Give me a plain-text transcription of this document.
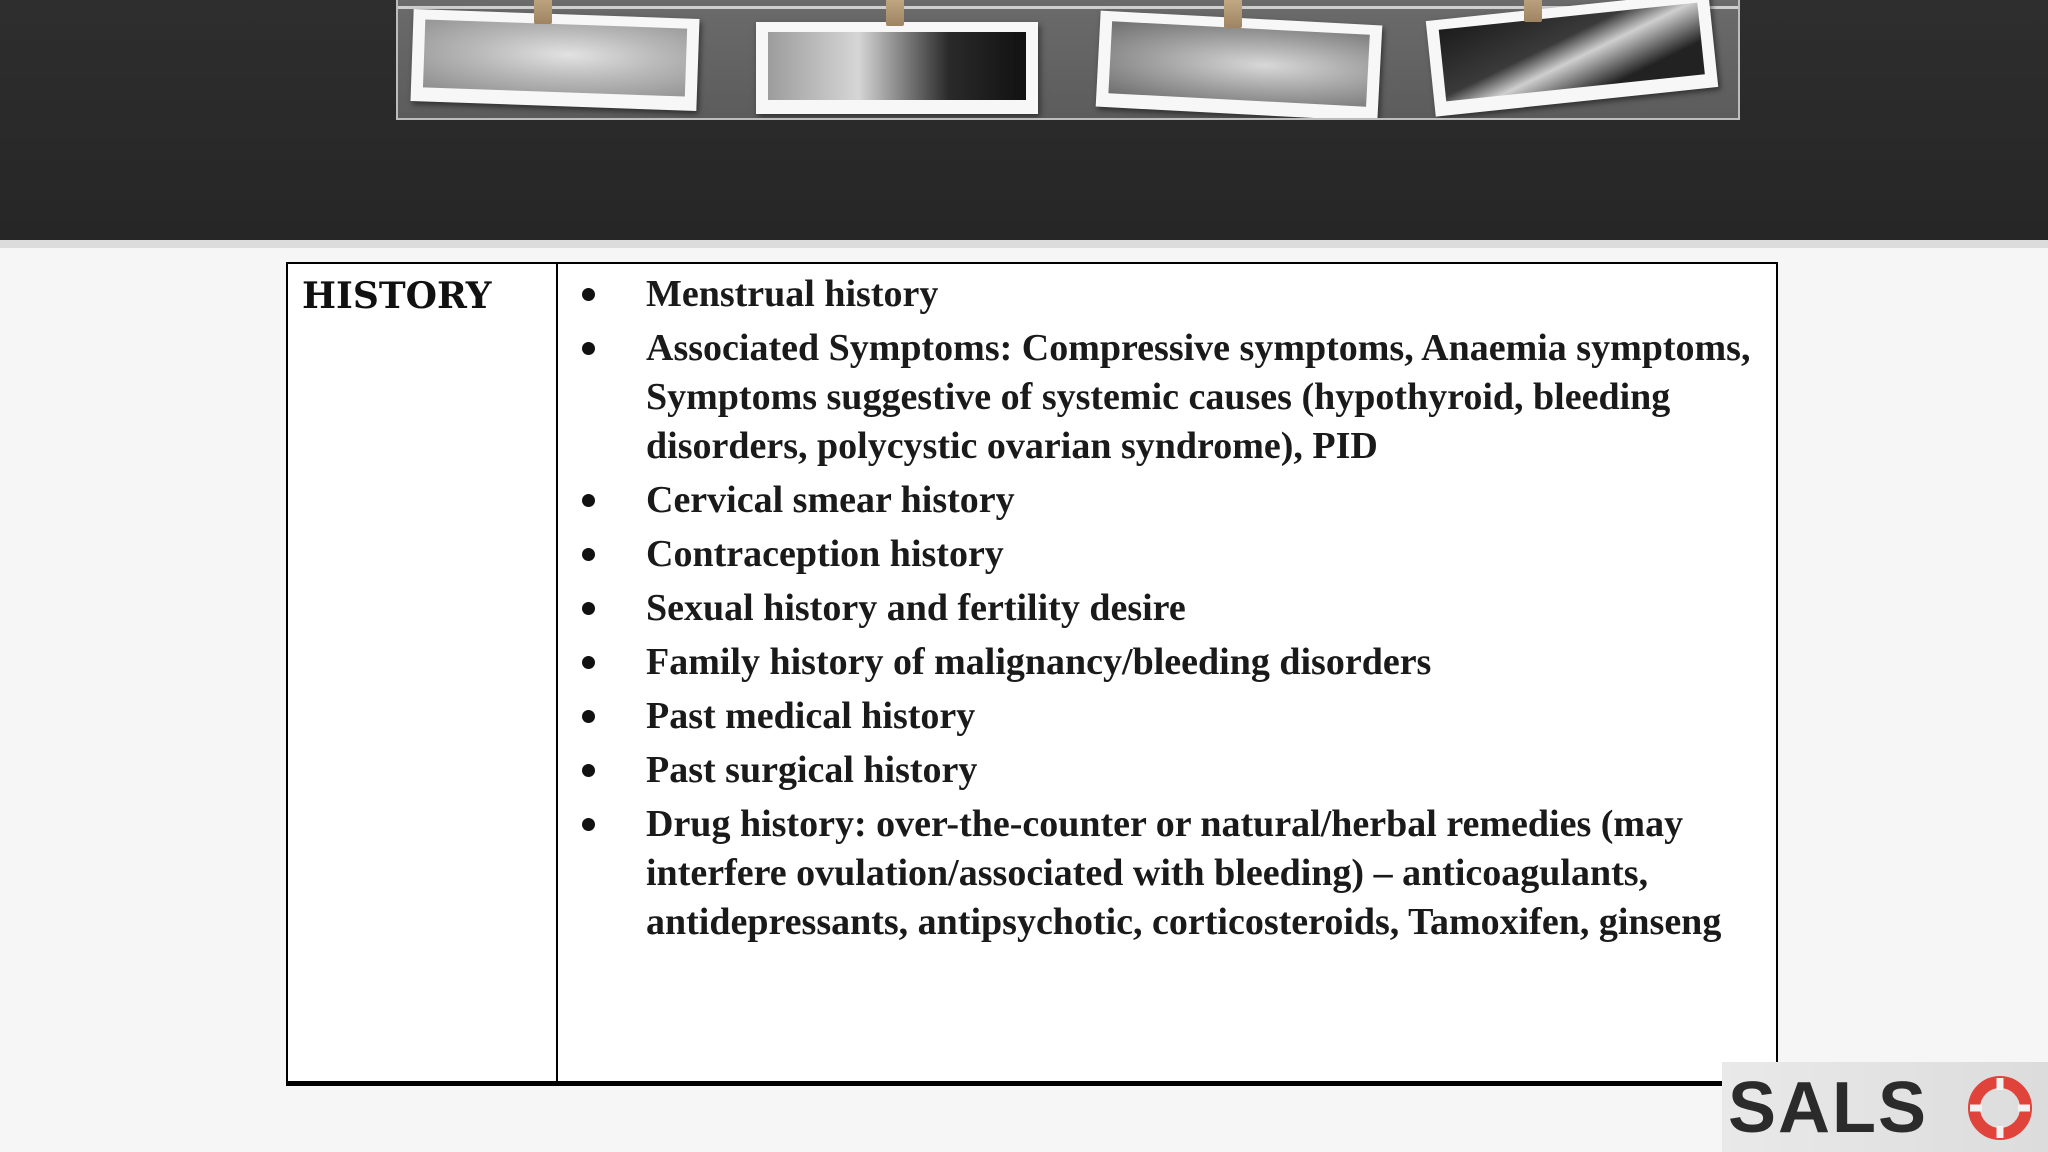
HISTORY	Menstrual history
Associated Symptoms: Compressive symptoms, Anaemia symptoms, Symptoms suggestive of systemic causes (hypothyroid, bleeding disorders, polycystic ovarian syndrome), PID
Cervical smear history
Contraception history
Sexual history and fertility desire
Family history of malignancy/bleeding disorders
Past medical history
Past surgical history
Drug history: over-the-counter or natural/herbal remedies (may interfere ovulation/associated with bleeding) – anticoagulants, antidepressants, antipsychotic, corticosteroids, Tamoxifen, ginseng
SALS
